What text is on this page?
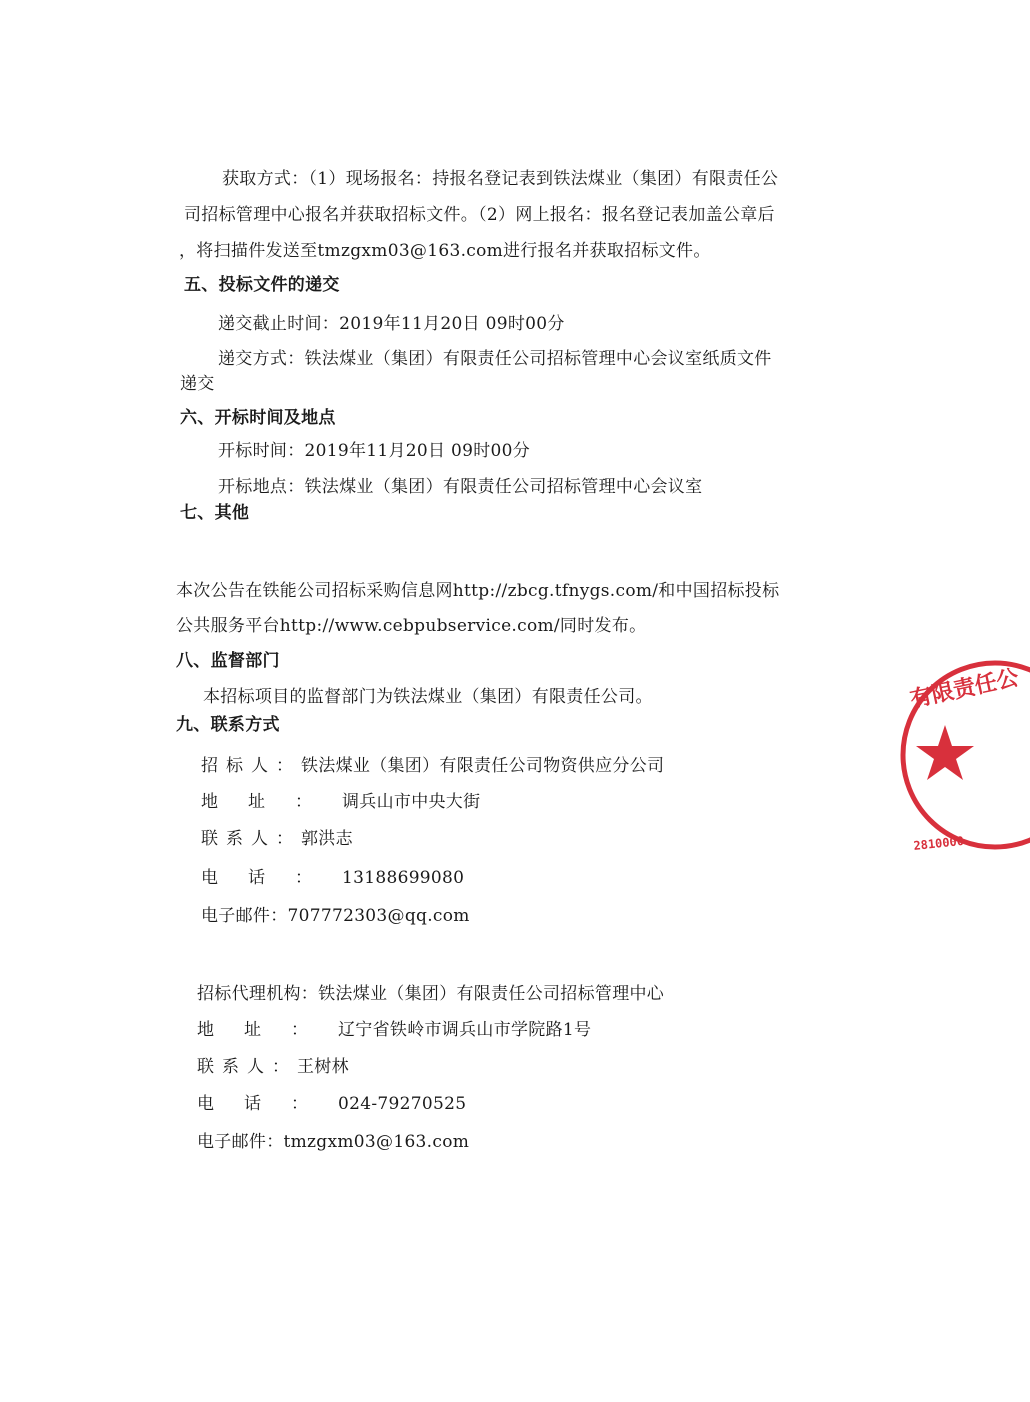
获取方式：（1）现场报名：持报名登记表到铁法煤业（集团）有限责任公
司招标管理中心报名并获取招标文件。（2）网上报名：报名登记表加盖公章后
，将扫描件发送至tmzgxm03@163.com进行报名并获取招标文件。
五、投标文件的递交
递交截止时间：2019年11月20日 09时00分
递交方式：铁法煤业（集团）有限责任公司招标管理中心会议室纸质文件
递交
六、开标时间及地点
开标时间：2019年11月20日 09时00分
开标地点：铁法煤业（集团）有限责任公司招标管理中心会议室
七、其他
本次公告在铁能公司招标采购信息网http://zbcg.tfnygs.com/和中国招标投标
公共服务平台http://www.cebpubservice.com/同时发布。
八、监督部门
本招标项目的监督部门为铁法煤业（集团）有限责任公司。
九、联系方式
招标人：铁法煤业（集团）有限责任公司物资供应分公司
地址：调兵山市中央大街
联系人：郭洪志
电话：13188699080
电子邮件：707772303@qq.com
招标代理机构：铁法煤业（集团）有限责任公司招标管理中心
地址：辽宁省铁岭市调兵山市学院路1号
联系人：王树林
电话：024-79270525
电子邮件：tmzgxm03@163.com
有限责任公
2810000
